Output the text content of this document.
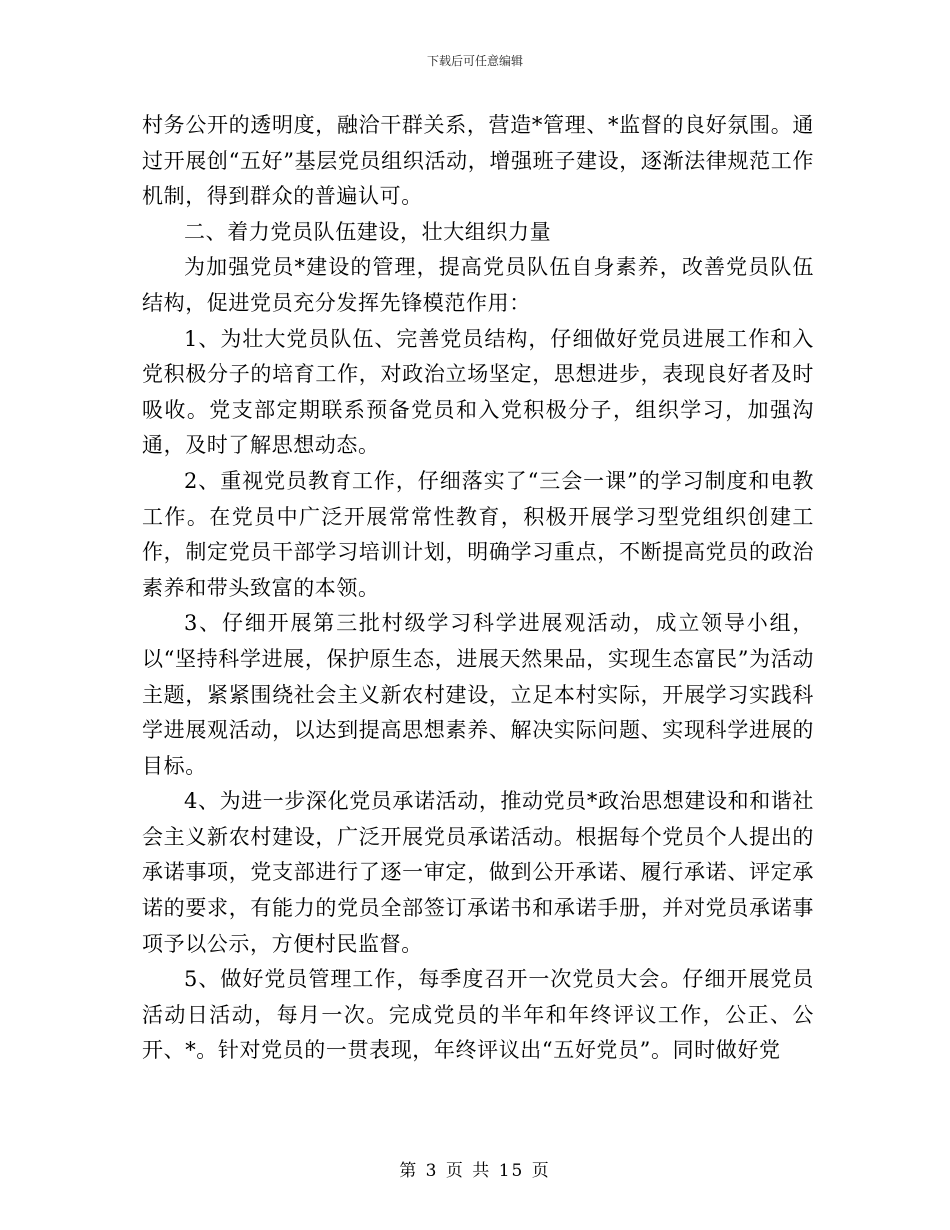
下载后可任意编辑

村务公开的透明度，融洽干群关系，营造*管理、*监督的良好氛围。通过开展创“五好”基层党员组织活动，增强班子建设，逐渐法律规范工作机制，得到群众的普遍认可。

二、着力党员队伍建设，壮大组织力量

为加强党员*建设的管理，提高党员队伍自身素养，改善党员队伍结构，促进党员充分发挥先锋模范作用：

1、为壮大党员队伍、完善党员结构，仔细做好党员进展工作和入党积极分子的培育工作，对政治立场坚定，思想进步，表现良好者及时吸收。党支部定期联系预备党员和入党积极分子，组织学习，加强沟通，及时了解思想动态。

2、重视党员教育工作，仔细落实了“三会一课”的学习制度和电教工作。在党员中广泛开展常常性教育，积极开展学习型党组织创建工作，制定党员干部学习培训计划，明确学习重点，不断提高党员的政治素养和带头致富的本领。

3、仔细开展第三批村级学习科学进展观活动，成立领导小组，以“坚持科学进展，保护原生态，进展天然果品，实现生态富民”为活动主题，紧紧围绕社会主义新农村建设，立足本村实际，开展学习实践科学进展观活动，以达到提高思想素养、解决实际问题、实现科学进展的目标。

4、为进一步深化党员承诺活动，推动党员*政治思想建设和和谐社会主义新农村建设，广泛开展党员承诺活动。根据每个党员个人提出的承诺事项，党支部进行了逐一审定，做到公开承诺、履行承诺、评定承诺的要求，有能力的党员全部签订承诺书和承诺手册，并对党员承诺事项予以公示，方便村民监督。

5、做好党员管理工作，每季度召开一次党员大会。仔细开展党员活动日活动，每月一次。完成党员的半年和年终评议工作，公正、公开、*。针对党员的一贯表现，年终评议出“五好党员”。同时做好党

第 3 页 共 15 页
